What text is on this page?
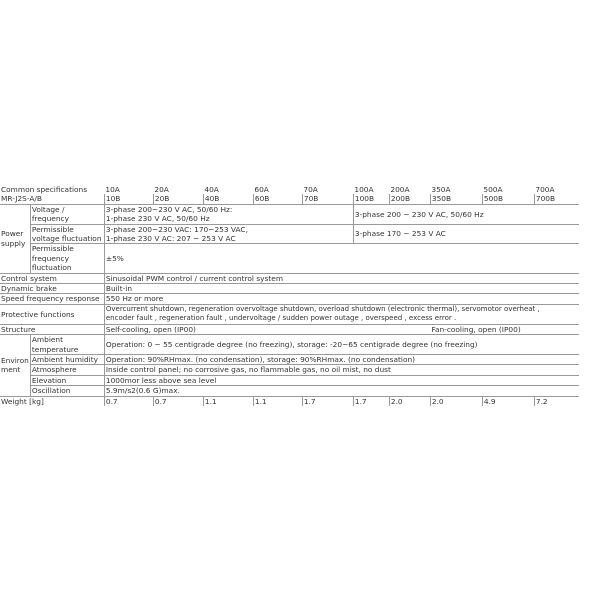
Common specifications		10A	20A	40A	60A	70A	100A	200A	350A	500A	700A
MR-J2S-A/B		10B	20B	40B	60B	70B	100B	200B	350B	500B	700B
Power supply	Voltage / frequency	3-phase 200~230 V AC, 50/60 Hz:
1-phase 230 V AC, 50/60 Hz					3-phase 200 ~ 230 V AC, 50/60 Hz				
	Permissible voltage fluctuation	3-phase 200~230 VAC: 170~253 VAC,
1-phase 230 V AC: 207 ~ 253 V AC					3-phase 170 ~ 253 V AC				
	Permissible frequency fluctuation	±5%									
Control system		Sinusoidal PWM control / current control system									
Dynamic brake		Built-in									
Speed frequency response		550 Hz or more									
Protective functions		Overcurrent shutdown, regeneration overvoltage shutdown, overload shutdown (electronic thermal), servomotor overheat ,
encoder fault , regeneration fault , undervoltage / sudden power outage , overspeed , excess error .									

Structure		Self-cooling, open (IP00)							Fan-cooling, open (IP00)		
Environ ment	Ambient temperature	Operation: 0 ~ 55 centigrade degree (no freezing), storage: -20~65 centigrade degree (no freezing)									
	Ambient humidity	Operation: 90%RHmax. (no condensation), storage: 90%RHmax. (no condensation)									
	Atmosphere	Inside control panel; no corrosive gas, no flammable gas, no oil mist, no dust									
	Elevation	1000mor less above sea level									
	Oscillation	5.9m/s2(0.6 G)max.									
Weight [kg]		0.7	0.7	1.1	1.1	1.7	1.7	2.0	2.0	4.9	7.2
